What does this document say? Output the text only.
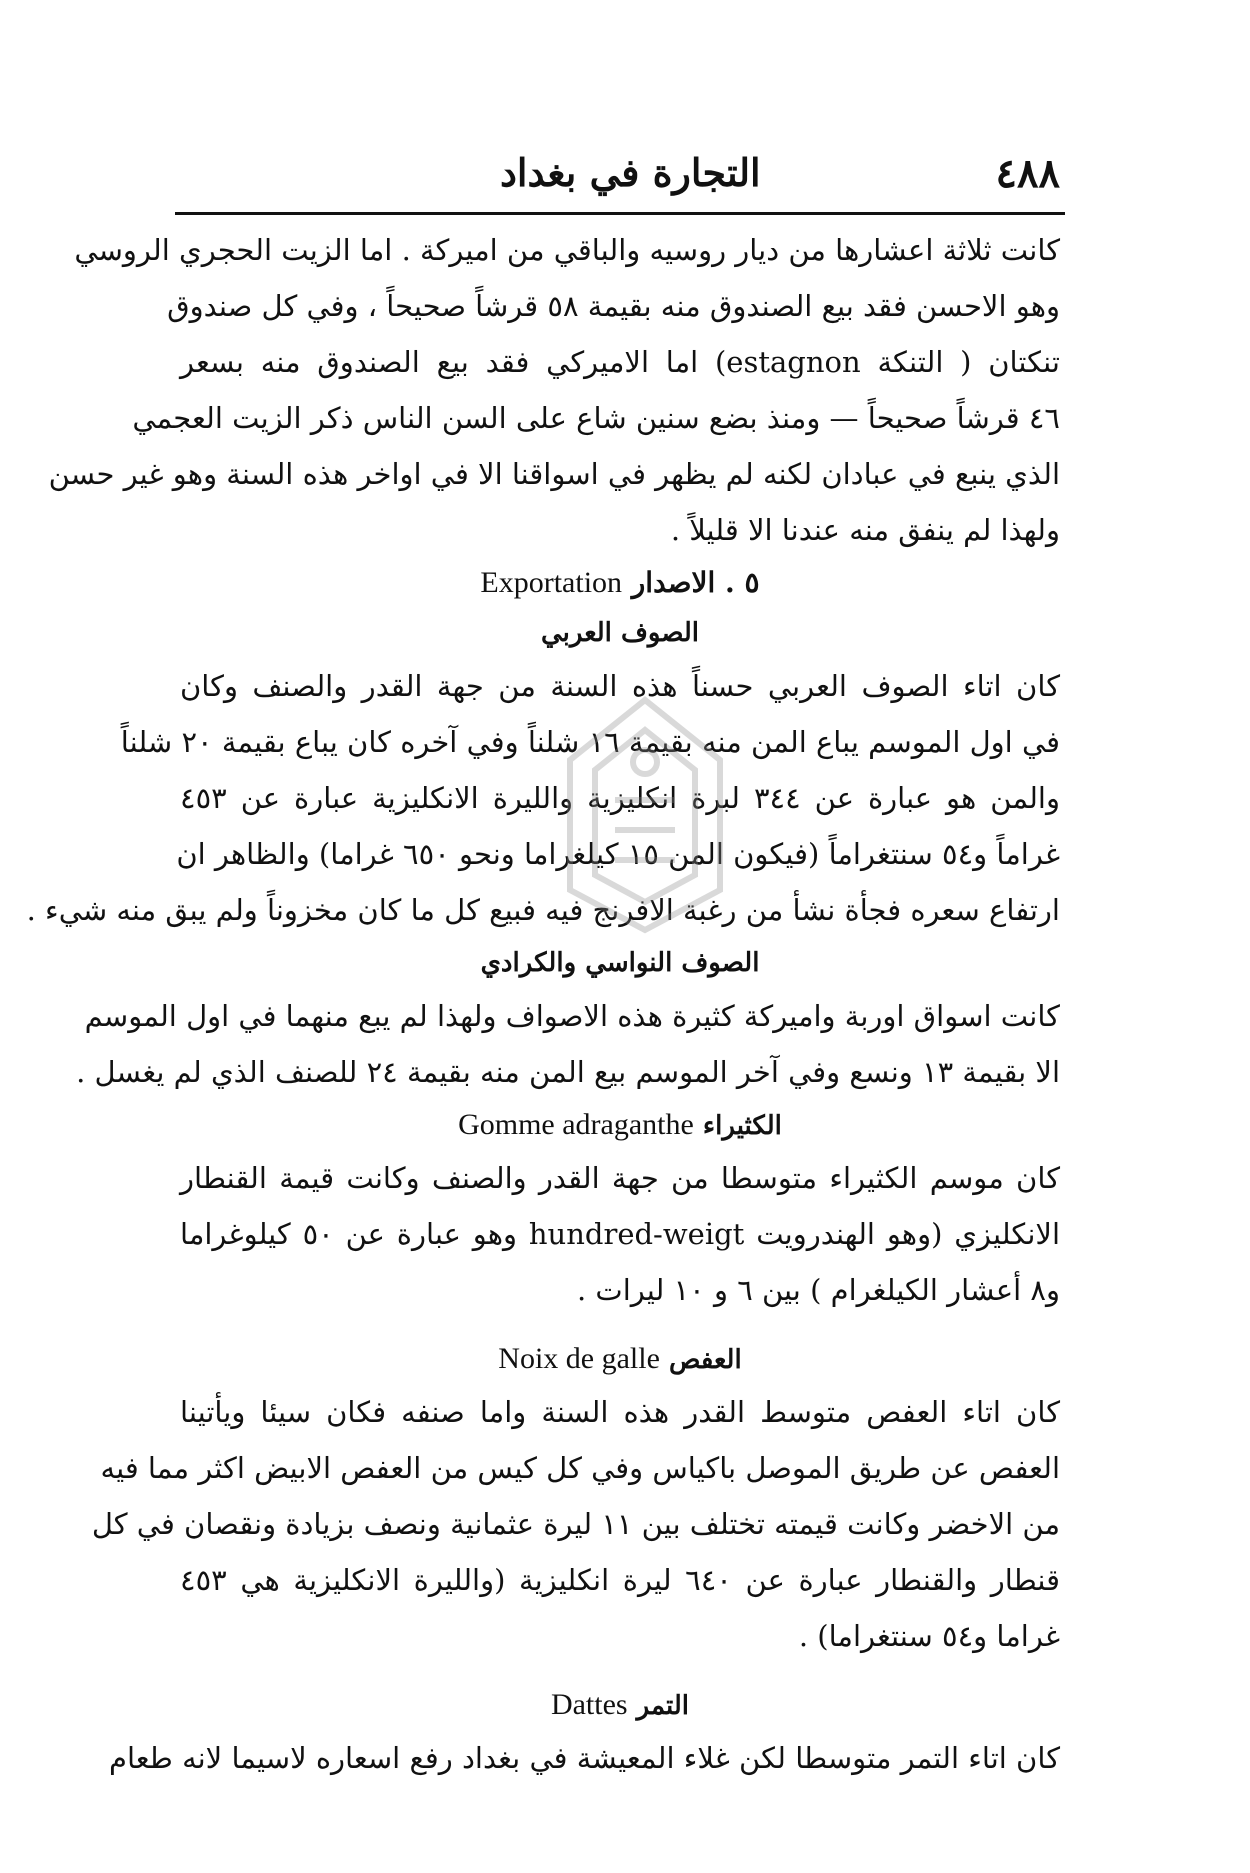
٤٨٨
التجارة في بغداد
كانت ثلاثة اعشارها من ديار روسيه والباقي من اميركة . اما الزيت الحجري الروسي
وهو الاحسن فقد بيع الصندوق منه بقيمة ٥٨ قرشاً صحيحاً ، وفي كل صندوق
تنكتان ( التنكة estagnon) اما الاميركي فقد بيع الصندوق منه بسعر
٤٦ قرشاً صحيحاً — ومنذ بضع سنين شاع على السن الناس ذكر الزيت العجمي
الذي ينبع في عبادان لكنه لم يظهر في اسواقنا الا في اواخر هذه السنة وهو غير حسن
ولهذا لم ينفق منه عندنا الا قليلاً .
٥ . الاصدار Exportation
الصوف العربي
كان اتاء الصوف العربي حسناً هذه السنة من جهة القدر والصنف وكان
في اول الموسم يباع المن منه بقيمة ١٦ شلناً وفي آخره كان يباع بقيمة ٢٠ شلناً
والمن هو عبارة عن ٣٤٤ لبرة انكليزية والليرة الانكليزية عبارة عن ٤٥٣
غراماً و٥٤ سنتغراماً (فيكون المن ١٥ كيلغراما ونحو ٦٥٠ غراما) والظاهر ان
ارتفاع سعره فجأة نشأ من رغبة الافرنج فيه فبيع كل ما كان مخزوناً ولم يبق منه شيء .
الصوف النواسي والكرادي
كانت اسواق اوربة واميركة كثيرة هذه الاصواف ولهذا لم يبع منهما في اول الموسم
الا بقيمة ١٣ ونسع وفي آخر الموسم بيع المن منه بقيمة ٢٤ للصنف الذي لم يغسل .
الكثيراء Gomme adraganthe
كان موسم الكثيراء متوسطا من جهة القدر والصنف وكانت قيمة القنطار
الانكليزي (وهو الهندرويت hundred-weigt وهو عبارة عن ٥٠ كيلوغراما
و٨ أعشار الكيلغرام ) بين ٦ و ١٠ ليرات .
العفص Noix de galle
كان اتاء العفص متوسط القدر هذه السنة واما صنفه فكان سيئا ويأتينا
العفص عن طريق الموصل باكياس وفي كل كيس من العفص الابيض اكثر مما فيه
من الاخضر وكانت قيمته تختلف بين ١١ ليرة عثمانية ونصف بزيادة ونقصان في كل
قنطار والقنطار عبارة عن ٦٤٠ ليرة انكليزية (والليرة الانكليزية هي ٤٥٣
غراما و٥٤ سنتغراما) .
التمر Dattes
كان اتاء التمر متوسطا لكن غلاء المعيشة في بغداد رفع اسعاره لاسيما لانه طعام
